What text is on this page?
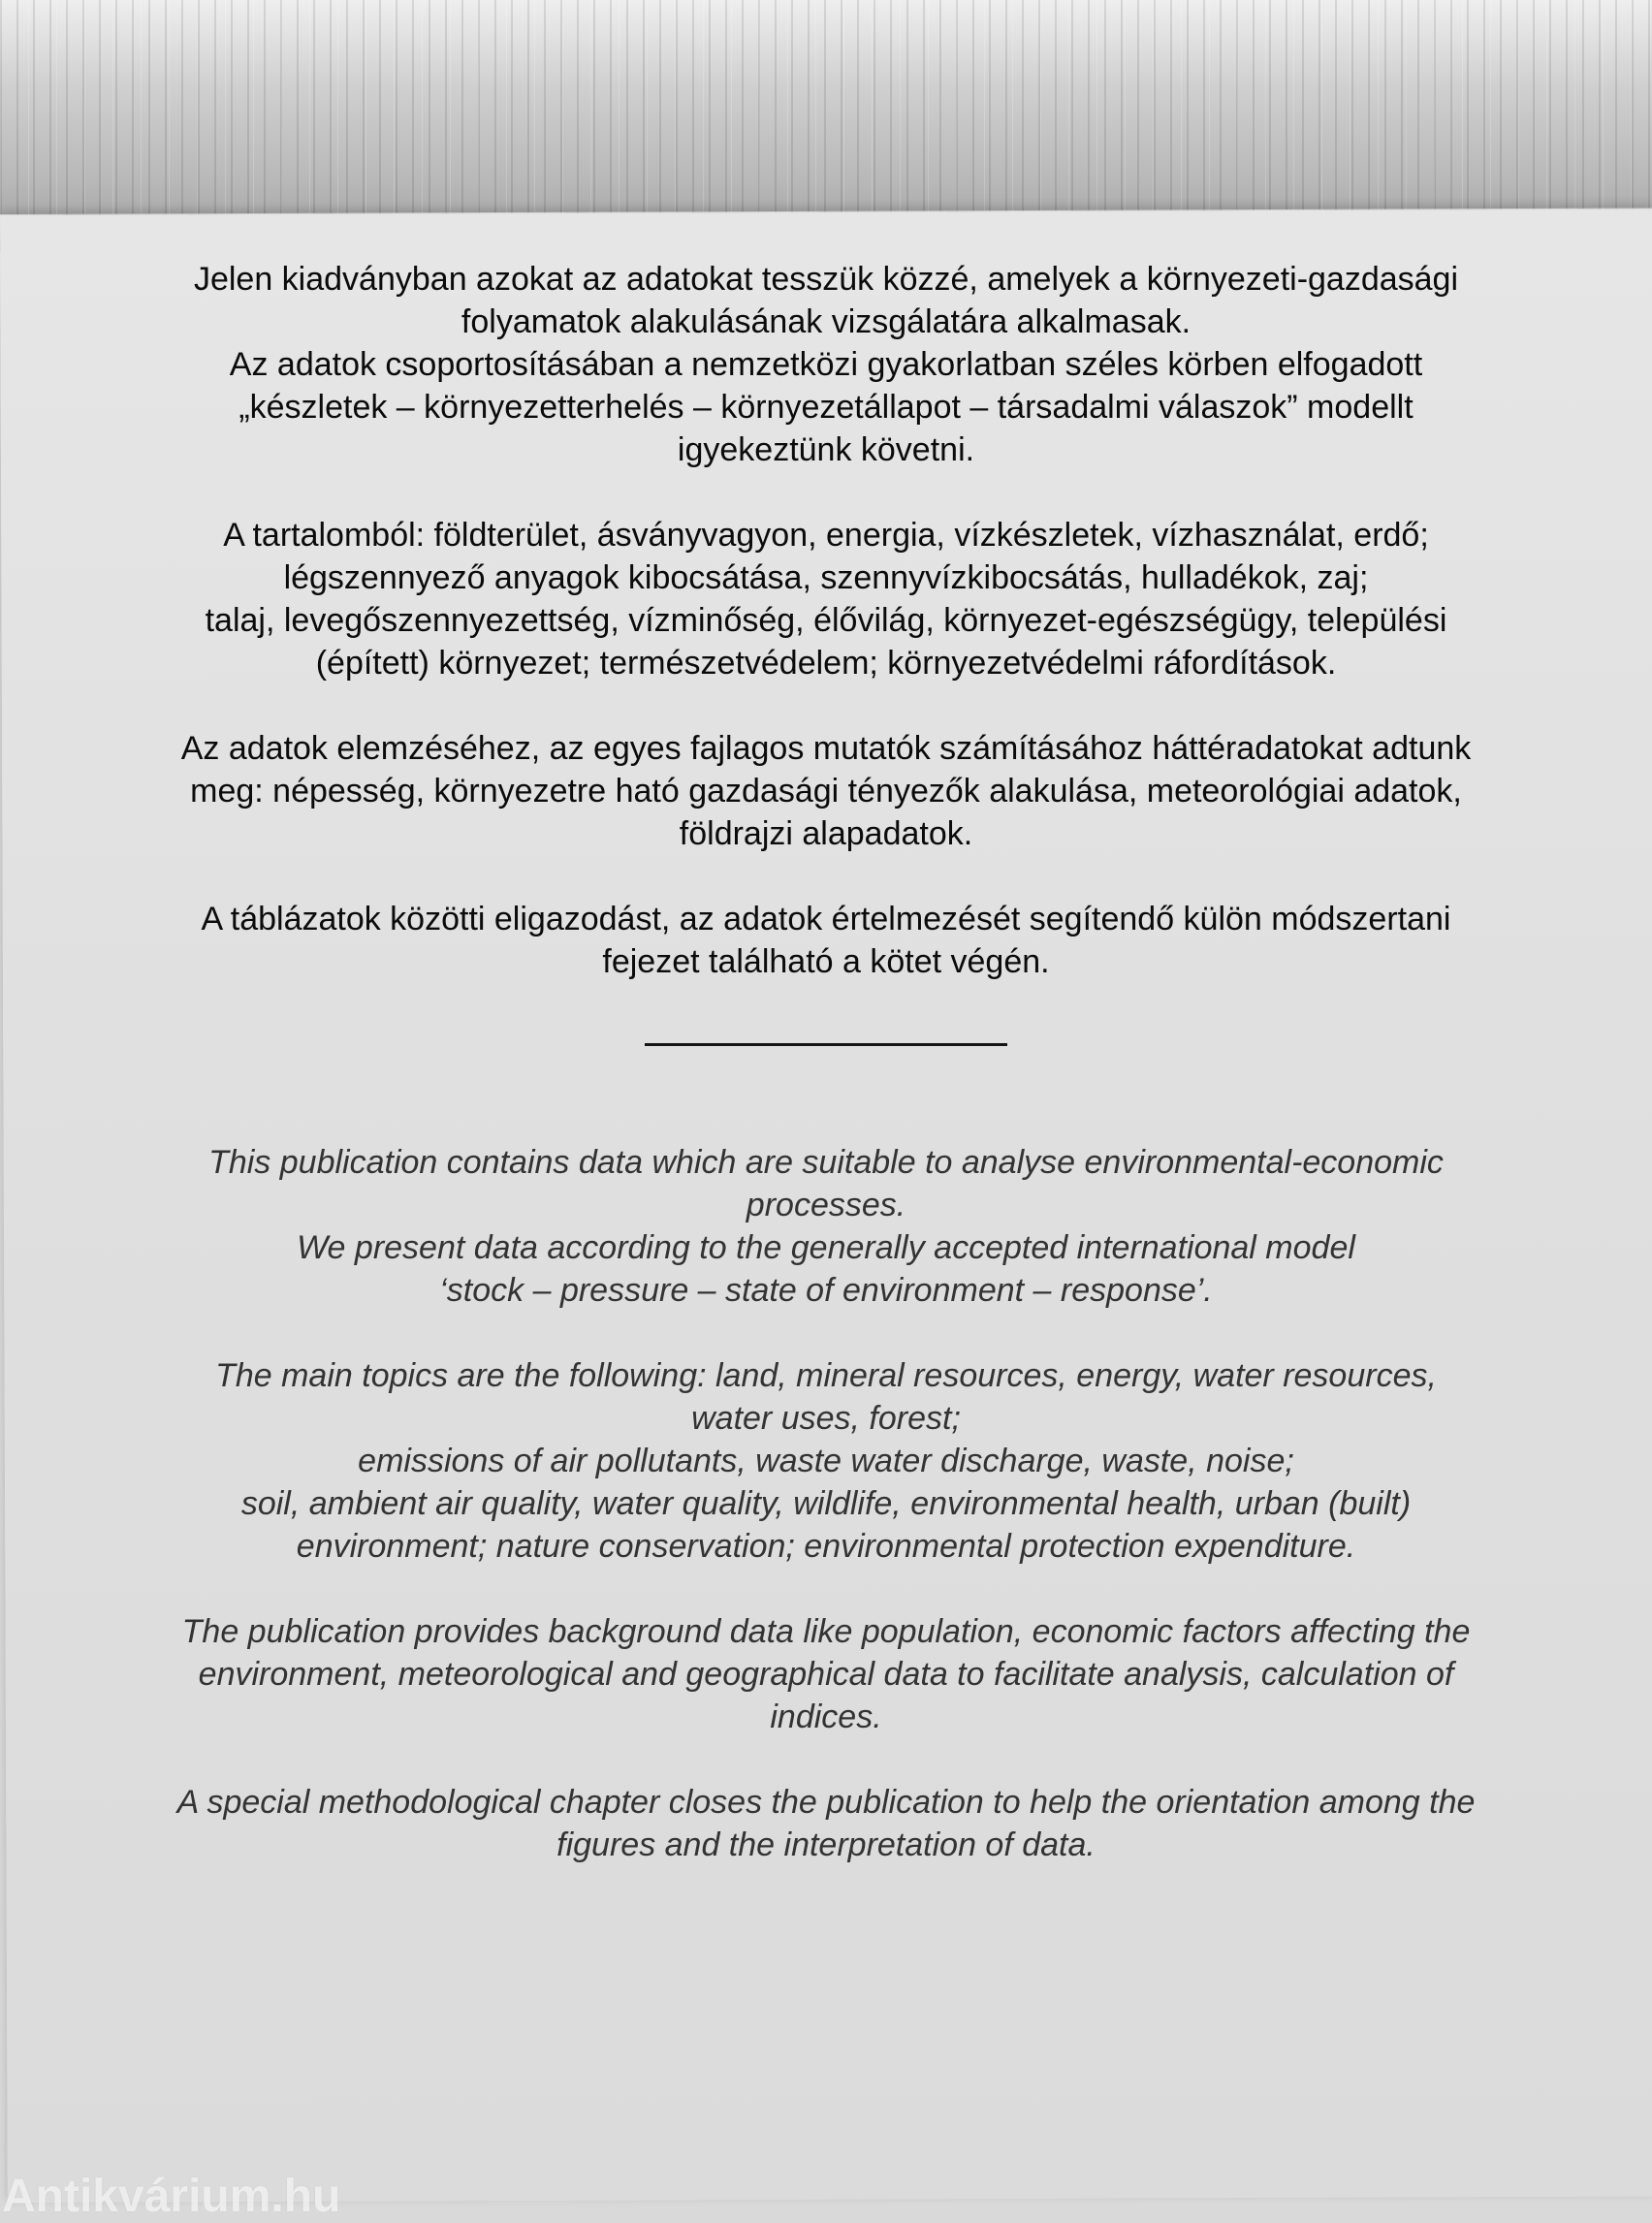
Jelen kiadványban azokat az adatokat tesszük közzé, amelyek a környezeti-gazdasági
folyamatok alakulásának vizsgálatára alkalmasak.
Az adatok csoportosításában a nemzetközi gyakorlatban széles körben elfogadott
„készletek – környezetterhelés – környezetállapot – társadalmi válaszok” modellt
igyekeztünk követni.
A tartalomból: földterület, ásványvagyon, energia, vízkészletek, vízhasználat, erdő;
légszennyező anyagok kibocsátása, szennyvízkibocsátás, hulladékok, zaj;
talaj, levegőszennyezettség, vízminőség, élővilág, környezet-egészségügy, települési
(épített) környezet; természetvédelem; környezetvédelmi ráfordítások.
Az adatok elemzéséhez, az egyes fajlagos mutatók számításához háttéradatokat adtunk
meg: népesség, környezetre ható gazdasági tényezők alakulása, meteorológiai adatok,
földrajzi alapadatok.
A táblázatok közötti eligazodást, az adatok értelmezését segítendő külön módszertani
fejezet található a kötet végén.
This publication contains data which are suitable to analyse environmental-economic
processes.
We present data according to the generally accepted international model
‘stock – pressure – state of environment – response’.
The main topics are the following: land, mineral resources, energy, water resources,
water uses, forest;
emissions of air pollutants, waste water discharge, waste, noise;
soil, ambient air quality, water quality, wildlife, environmental health, urban (built)
environment; nature conservation; environmental protection expenditure.
The publication provides background data like population, economic factors affecting the
environment, meteorological and geographical data to facilitate analysis, calculation of
indices.
A special methodological chapter closes the publication to help the orientation among the
figures and the interpretation of data.
Antikvárium.hu
